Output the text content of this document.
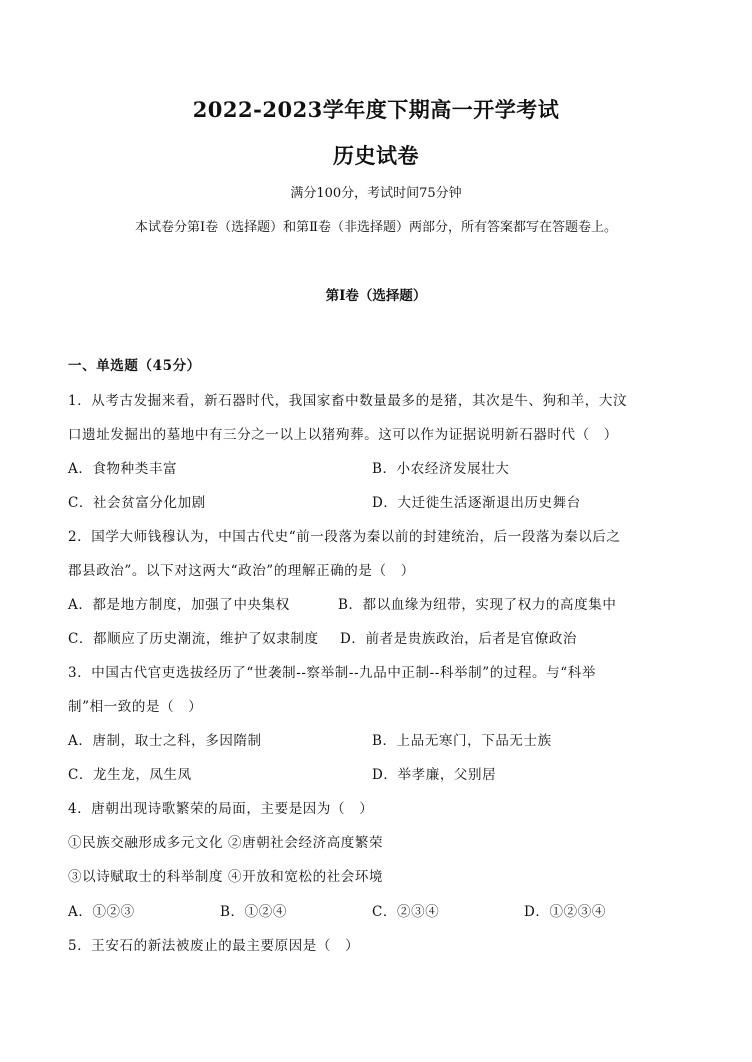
2022-2023学年度下期高一开学考试
历史试卷
满分100分，考试时间75分钟
本试卷分第Ⅰ卷（选择题）和第Ⅱ卷（非选择题）两部分，所有答案都写在答题卷上。
第Ⅰ卷（选择题）
一、单选题（45分）
1．从考古发掘来看，新石器时代，我国家畜中数量最多的是猪，其次是牛、狗和羊，大汶
口遗址发掘出的墓地中有三分之一以上以猪殉葬。这可以作为证据说明新石器时代（　）
A．食物种类丰富	B．小农经济发展壮大
C．社会贫富分化加剧	D．大迁徙生活逐渐退出历史舞台
2．国学大师钱穆认为，中国古代史“前一段落为秦以前的封建统治，后一段落为秦以后之
郡县政治”。以下对这两大“政治”的理解正确的是（　）
A．都是地方制度，加强了中央集权	B．都以血缘为纽带，实现了权力的高度集中
C．都顺应了历史潮流，维护了奴隶制度 D．前者是贵族政治，后者是官僚政治
3．中国古代官吏选拔经历了“世袭制--察举制--九品中正制--科举制”的过程。与“科举
制”相一致的是（　）
A．唐制，取士之科，多因隋制	B．上品无寒门，下品无士族
C．龙生龙，凤生凤	D．举孝廉，父别居
4．唐朝出现诗歌繁荣的局面，主要是因为（　）
①民族交融形成多元文化 ②唐朝社会经济高度繁荣
③以诗赋取士的科举制度 ④开放和宽松的社会环境
A．①②③	B．①②④	C．②③④	D．①②③④
5．王安石的新法被废止的最主要原因是（　）
